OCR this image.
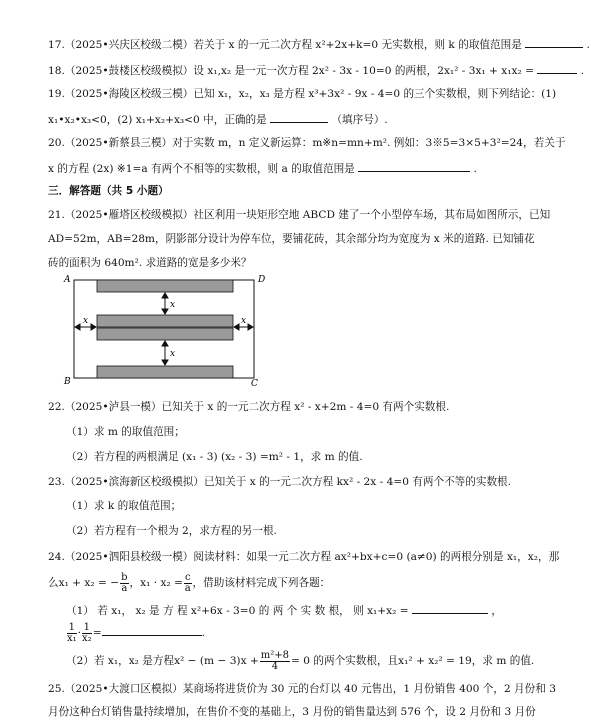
17.（2025•兴庆区校级二模）若关于 x 的一元二次方程 x²+2x+k=0 无实数根，则 k 的取值范围是	.
18.（2025•鼓楼区校级模拟）设 x₁,x₂ 是一元一次方程 2x² - 3x - 10=0 的两根，2x₁² - 3x₁ + x₁x₂ =	.
19.（2025•海陵区校级三模）已知 x₁，x₂，x₃ 是方程 x³+3x² - 9x - 4=0 的三个实数根，则下列结论：(1)
x₁•x₂•x₃<0，(2) x₁+x₂+x₃<0 中，正确的是	（填序号）.
20.（2025•新蔡县三模）对于实数 m，n 定义新运算：m※n=mn+m². 例如：3※5=3×5+3²=24，若关于
x 的方程 (2x) ※1=a 有两个不相等的实数根，则 a 的取值范围是	.
三．解答题（共 5 小题）
21.（2025•雁塔区校级模拟）社区利用一块矩形空地 ABCD 建了一个小型停车场，其布局如图所示，已知
AD=52m，AB=28m，阴影部分设计为停车位，要铺花砖，其余部分均为宽度为 x 米的道路. 已知铺花
砖的面积为 640m². 求道路的宽是多少米？
x
x
x	x
A	D
B	C
22.（2025•泸县一模）已知关于 x 的一元二次方程 x² - x+2m - 4=0 有两个实数根.
（1）求 m 的取值范围；
（2）若方程的两根满足 (x₁ - 3) (x₂ - 3) =m² - 1，求 m 的值.
23.（2025•滨海新区校级模拟）已知关于 x 的一元二次方程 kx² - 2x - 4=0 有两个不等的实数根.
（1）求 k 的取值范围；
（2）若方程有一个根为 2，求方程的另一根.
24.（2025•泗阳县校级一模）阅读材料：如果一元二次方程 ax²+bx+c=0 (a≠0) 的两根分别是 x₁，x₂，那
么x₁ + x₂ = − $\frac{b}{a}$ ，$x_1 \cdot x_2 = \frac{c}{a}$ ，借助该材料完成下列各题：
（1） 若 x₁， x₂ 是 方 程 x²+6x - 3=0 的 两 个 实 数 根， 则 x₁+x₂ =	，
$\frac{1}{\text{x₁}} \cdot \frac{1}{\text{x₂}}$ =	.
（2）若 x₁，x₂ 是方程$x^2 - (m - 3)x + \frac{\text{m²+8}}{4} = 0$ 的两个实数根，且x₁² + x₂² = 19，求 m 的值.
25.（2025•大渡口区模拟）某商场将进货价为 30 元的台灯以 40 元售出，1 月份销售 400 个，2 月份和 3
月份这种台灯销售量持续增加，在售价不变的基础上，3 月份的销售量达到 576 个，设 2 月份和 3 月份
